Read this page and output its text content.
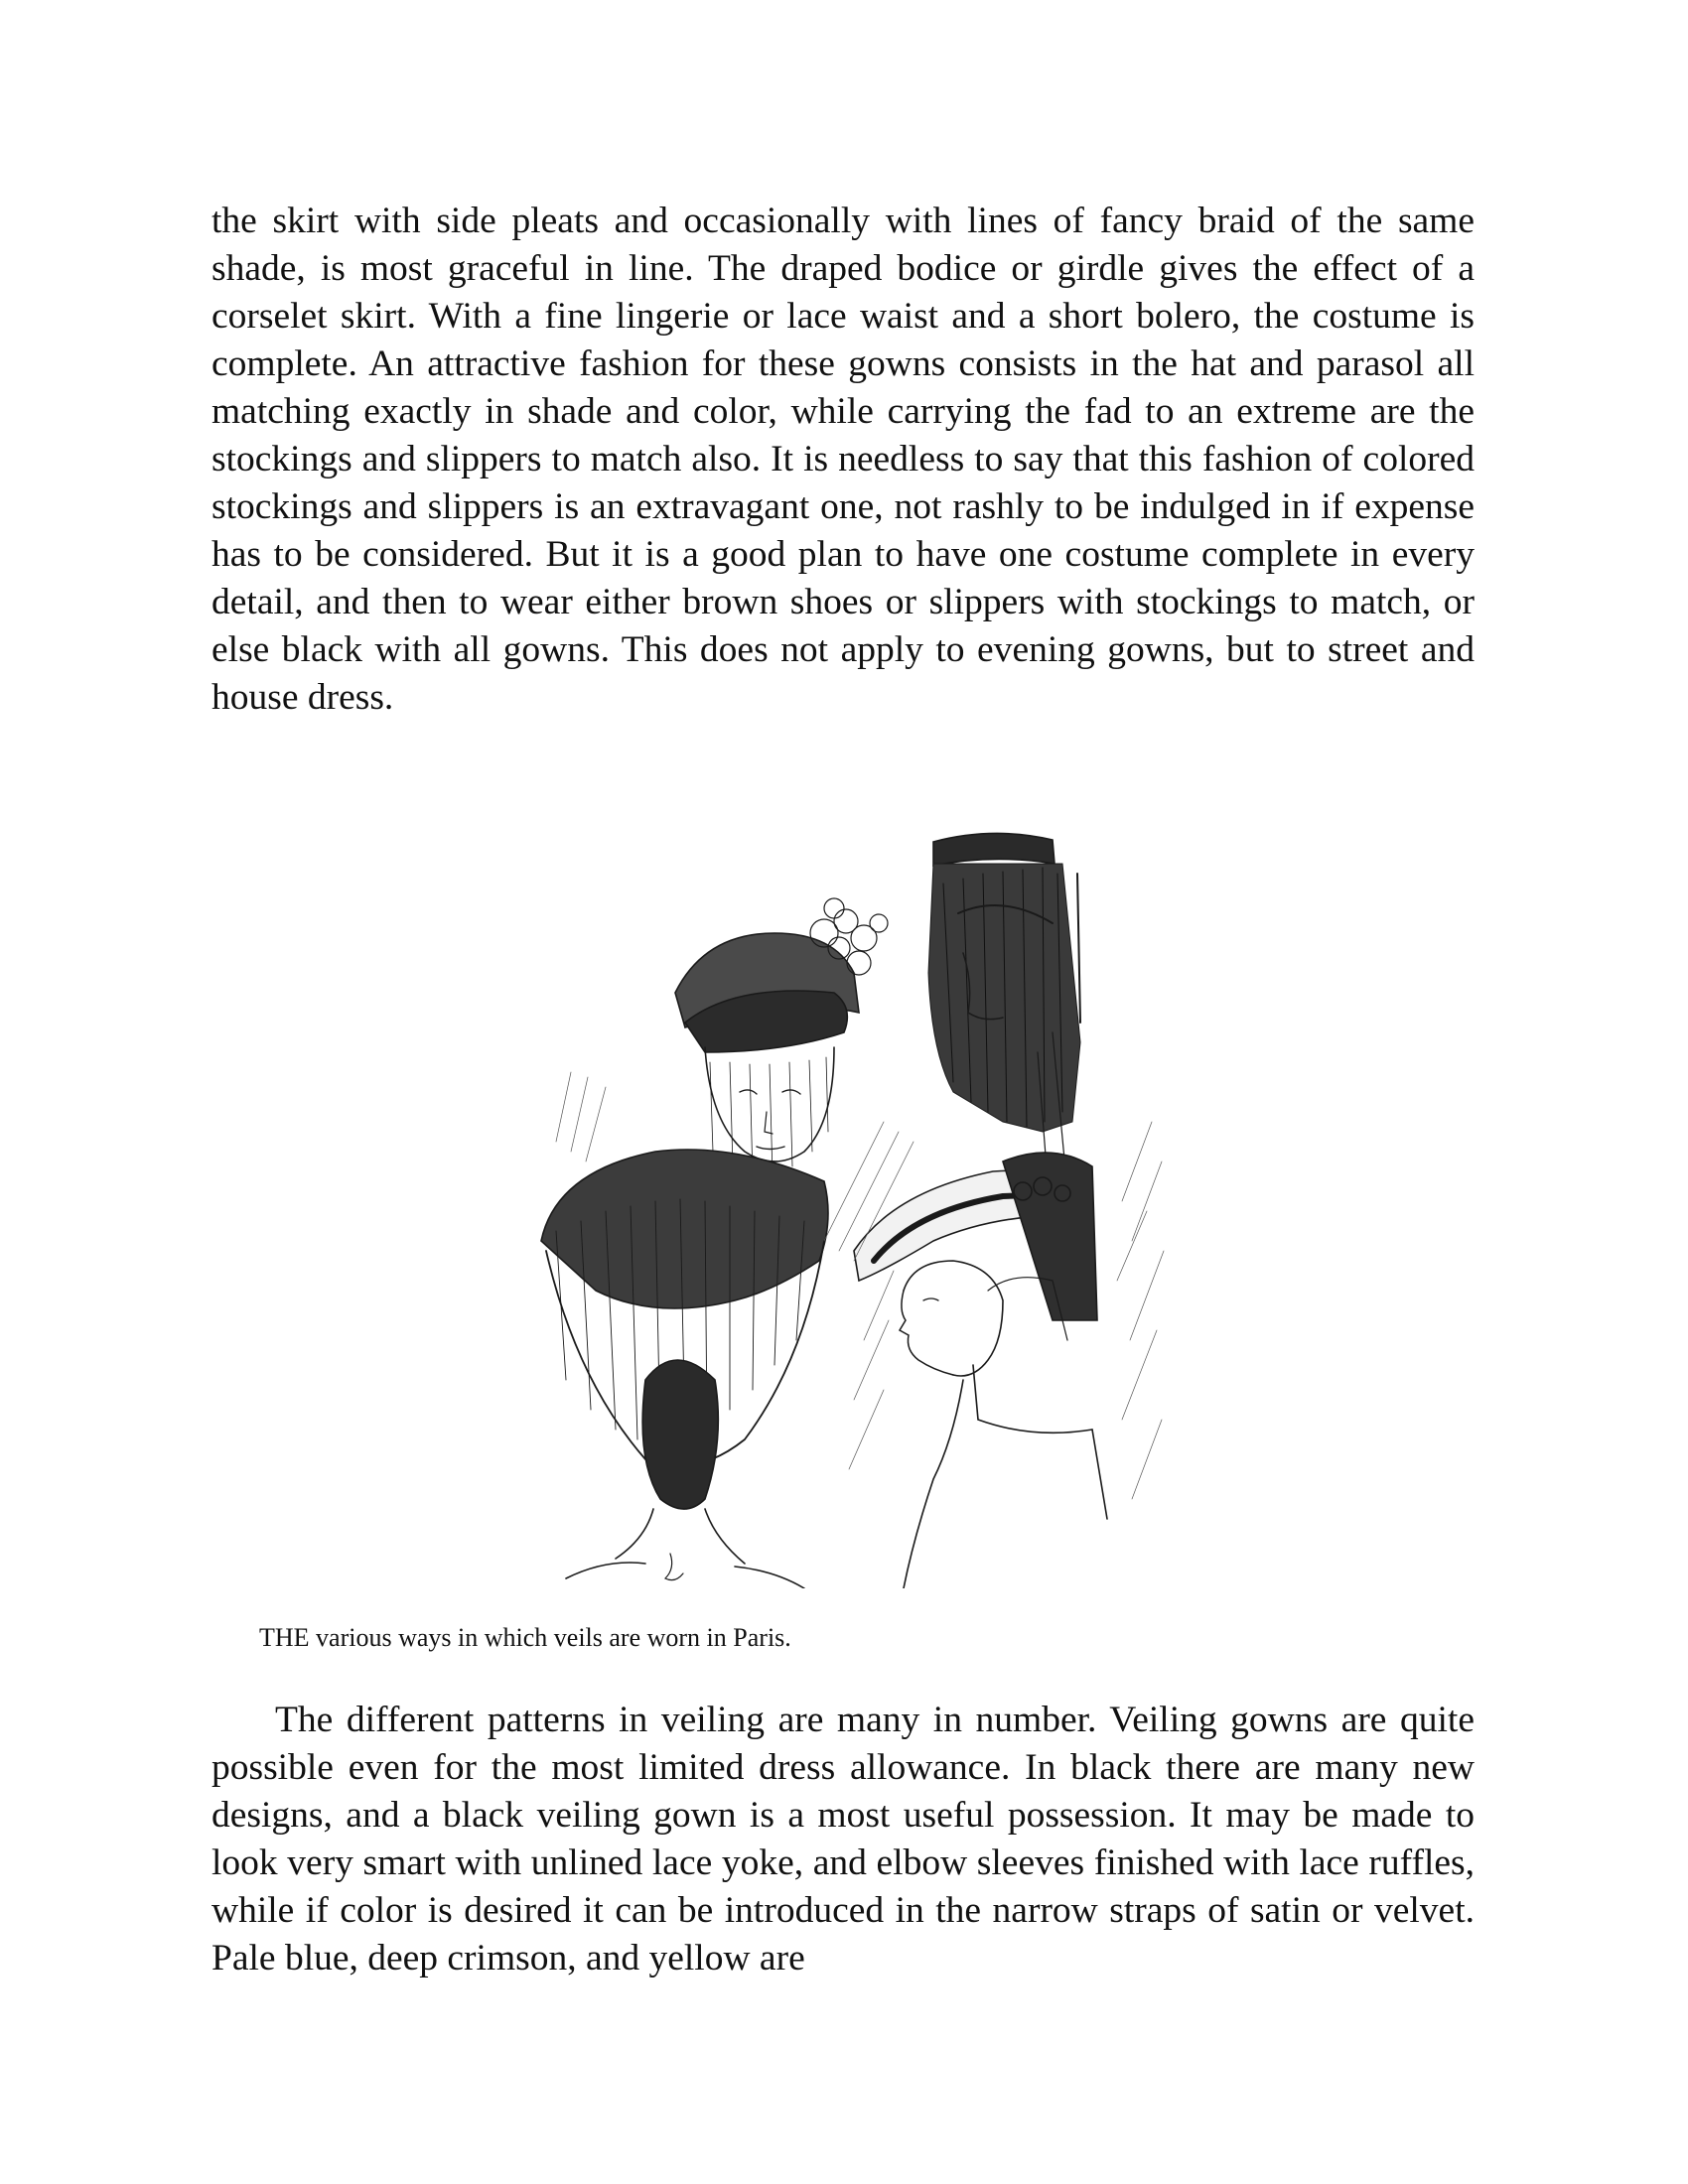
the skirt with side pleats and occasionally with lines of fancy braid of the same shade, is most graceful in line. The draped bodice or girdle gives the effect of a corselet skirt. With a fine lingerie or lace waist and a short bolero, the costume is complete. An attractive fashion for these gowns consists in the hat and parasol all matching exactly in shade and color, while carrying the fad to an extreme are the stockings and slippers to match also. It is needless to say that this fashion of colored stockings and slippers is an extravagant one, not rashly to be indulged in if expense has to be considered. But it is a good plan to have one costume complete in every detail, and then to wear either brown shoes or slippers with stockings to match, or else black with all gowns. This does not apply to evening gowns, but to street and house dress.

THE various ways in which veils are worn in Paris.

The different patterns in veiling are many in number. Veiling gowns are quite possible even for the most limited dress allowance. In black there are many new designs, and a black veiling gown is a most useful possession. It may be made to look very smart with unlined lace yoke, and elbow sleeves finished with lace ruffles, while if color is desired it can be introduced in the narrow straps of satin or velvet. Pale blue, deep crimson, and yellow are
